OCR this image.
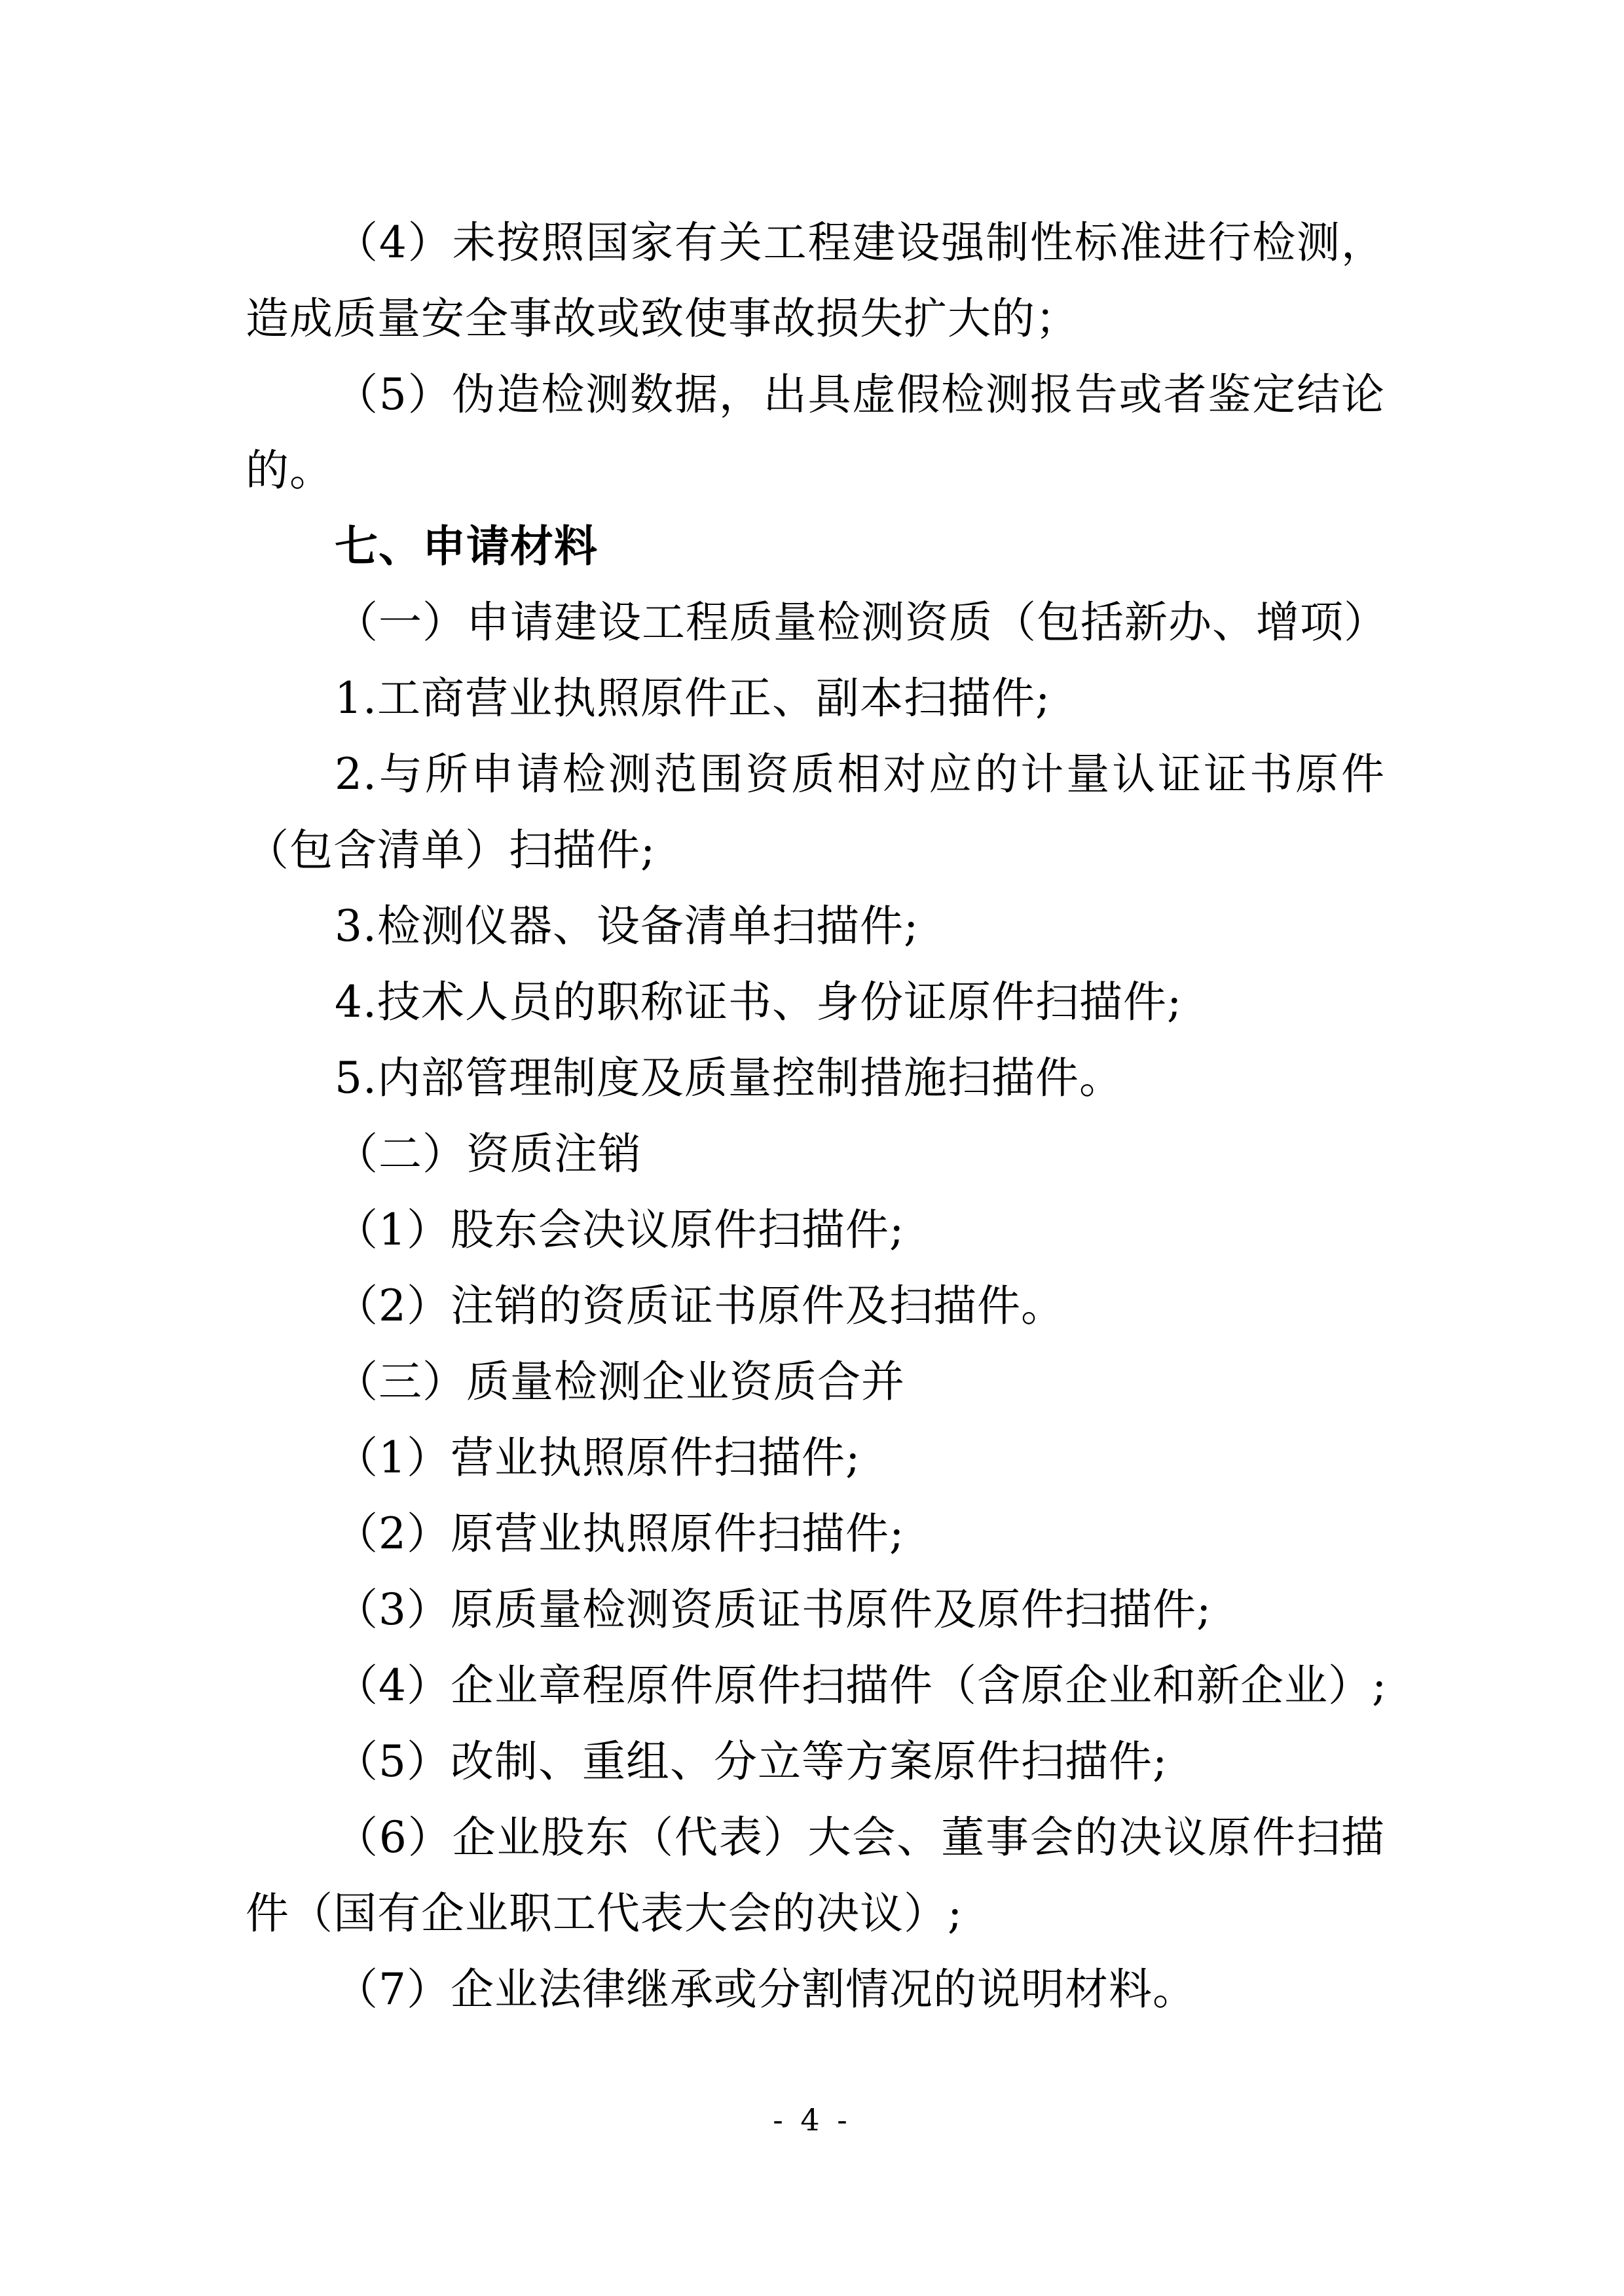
（4）未按照国家有关工程建设强制性标准进行检测，

造成质量安全事故或致使事故损失扩大的；

（5）伪造检测数据，出具虚假检测报告或者鉴定结论

的。

七、申请材料

（一）申请建设工程质量检测资质（包括新办、增项）

1.工商营业执照原件正、副本扫描件;

2.与所申请检测范围资质相对应的计量认证证书原件

（包含清单）扫描件;

3.检测仪器、设备清单扫描件;

4.技术人员的职称证书、身份证原件扫描件;

5.内部管理制度及质量控制措施扫描件。

（二）资质注销

（1）股东会决议原件扫描件;

（2）注销的资质证书原件及扫描件。

（三）质量检测企业资质合并

（1）营业执照原件扫描件;

（2）原营业执照原件扫描件;

（3）原质量检测资质证书原件及原件扫描件;

（4）企业章程原件原件扫描件（含原企业和新企业）;

（5）改制、重组、分立等方案原件扫描件;

（6）企业股东（代表）大会、董事会的决议原件扫描

件（国有企业职工代表大会的决议）;

（7）企业法律继承或分割情况的说明材料。

- 4 -
